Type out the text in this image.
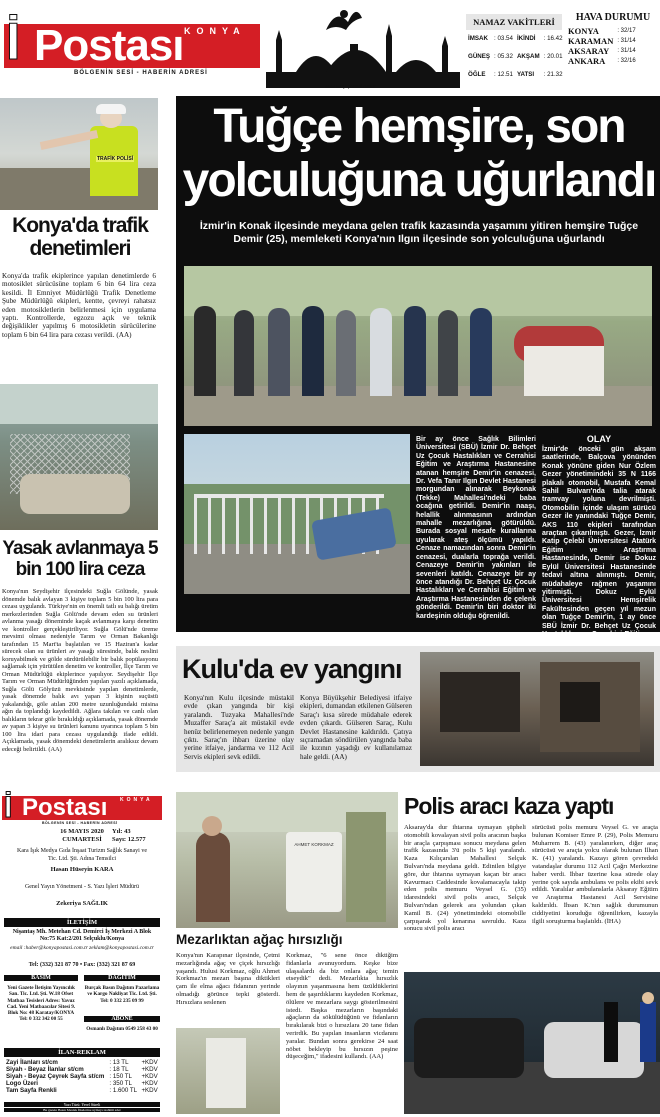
KONYA
İ Postası
BÖLGENİN SESİ - HABERİN ADRESİ
www.konyapostasi.com.tr
NAMAZ VAKİTLERİ
İMSAK	: 03.54	İKİNDİ	: 16.42
GÜNEŞ	: 05.32	AKŞAM	: 20.01
ÖĞLE	: 12.51	YATSI	: 21.32
HAVA DURUMU
KONYA	: 32/17
KARAMAN	: 31/14
AKSARAY	: 31/14
ANKARA	: 32/16
TRAFİK POLİSİ
Konya'da trafik denetimleri
Konya'da trafik ekiplerince yapılan denetimlerde 6 motosiklet sürücüsüne toplam 6 bin 64 lira ceza kesildi. İl Emniyet Müdürlüğü Trafik Denetleme Şube Müdürlüğü ekipleri, kentte, çevreyi rahatsız eden motosikletlerin belirlenmesi için uygulama yaptı. Kontrollerde, egzozu açık ve teknik değişiklikler yapılmış 6 motosikletin sürücülerine toplam 6 bin 64 lira para cezası verildi. (AA)
Yasak avlanmaya 5 bin 100 lira ceza
Konya'nın Seydişehir ilçesindeki Suğla Gölünde, yasak dönemde balık avlayan 3 kişiye toplam 5 bin 100 lira para cezası uygulandı. Türkiye'nin en önemli tatlı su balığı üretim merkezlerinden Suğla Gölü'nde devam eden su ürünleri avlanma yasağı döneminde kaçak avlanmaya karşı denetim ve kontroller gerçekleştiriliyor. Suğla Gölü'nde üreme mevsimi olması nedeniyle Tarım ve Orman Bakanlığı tarafından 15 Mart'ta başlatılan ve 15 Haziran'a kadar sürecek olan su ürünleri av yasağı süresinde, balık neslini koruyabilmek ve gölde sürdürülebilir bir balık popülasyonu sağlamak için yürütülen denetim ve kontroller, İlçe Tarım ve Orman Müdürlüğü ekiplerince yapılıyor. Seydişehir İlçe Tarım ve Orman Müdürlüğünden yapılan yazılı açıklamada, Suğla Gölü Gölyüzü mevkisinde yapılan denetimlerde, yasak dönemde balık avı yapan 3 kişinin suçüstü yakalandığı, göle atılan 200 metre uzunluğundaki misina ağın da toplandığı kaydedildi. Ağlara takılan ve canlı olan balıkların tekrar göle bırakıldığı açıklamada, yasak dönemde av yapan 3 kişiye su ürünleri kanunu uyarınca toplam 5 bin 100 lira idari para cezası uygulandığı ifade edildi. Açıklamada, yasak dönemdeki denetimlerin aralıksız devam edeceği belirtildi. (AA)
Tuğçe hemşire, son yolculuğuna uğurlandı
İzmir'in Konak ilçesinde meydana gelen trafik kazasında yaşamını yitiren hemşire Tuğçe Demir (25), memleketi Konya'nın Ilgın ilçesinde son yolculuğuna uğurlandı
Bir ay önce Sağlık Bilimleri Üniversitesi (SBÜ) İzmir Dr. Behçet Uz Çocuk Hastalıkları ve Cerrahisi Eğitim ve Araştırma Hastanesine atanan hemşire Demir'in cenazesi, Dr. Vefa Tanır Ilgın Devlet Hastanesi morgundan alınarak Beykonak (Tekke) Mahallesi'ndeki baba ocağına getirildi. Demir'in naaşı, helallik alınmasının ardından mahalle mezarlığına götürüldü. Burada sosyal mesafe kurallarına uyularak ateş ölçümü yapıldı. Cenaze namazından sonra Demir'in cenazesi, dualarla toprağa verildi. Cenazeye Demir'in yakınları ile sevenleri katıldı. Cenazeye bir ay önce atandığı Dr. Behçet Uz Çocuk Hastalıkları ve Cerrahisi Eğitim ve Araştırma Hastanesinden de çelenk gönderildi. Demir'in biri doktor iki kardeşinin olduğu öğrenildi.
OLAY
İzmir'de önceki gün akşam saatlerinde, Balçova yönünden Konak yönüne giden Nur Özlem Gezer yönetimindeki 35 N 1166 plakalı otomobil, Mustafa Kemal Sahil Bulvarı'nda talia atarak tramvay yoluna devrilmişti. Otomobilin içinde ulaşım sürücü Gezer ile yanındaki Tuğçe Demir, AKS 110 ekipleri tarafından araçtan çıkarılmıştı. Gezer, İzmir Katip Çelebi Üniversitesi Atatürk Eğitim ve Araştırma Hastanesinde, Demir ise Dokuz Eylül Üniversitesi Hastanesinde tedavi altına alınmıştı. Demir, müdahaleye rağmen yaşamını yitirmişti. Dokuz Eylül Üniversitesi Hemşirelik Fakültesinden geçen yıl mezun olan Tuğçe Demir'in, 1 ay önce SBÜ İzmir Dr. Behçet Uz Çocuk Hastalıkları ve Cerrahisi Eğitim ve Araştırma Hastanesine atanmıştı.
Kulu'da ev yangını
Konya'nın Kulu ilçesinde müstakil evde çıkan yangında bir kişi yaralandı. Tuzyaka Mahallesi'nde Muzaffer Saraç'a ait müstakil evde henüz belirlenemeyen nedenle yangın çıktı. Saraç'ın ihbarı üzerine olay yerine itfaiye, jandarma ve 112 Acil Servis ekipleri sevk edildi.
Konya Büyükşehir Belediyesi itfaiye ekipleri, dumandan etkilenen Gülseren Saraç'ı kısa sürede müdahale ederek evden çıkardı. Gülseren Saraç, Kulu Devlet Hastanesine kaldırıldı. Çatıya sıçramadan söndürülen yangında baba ile kızının yaşadığı ev kullanılamaz hale geldi. (AA)
İ Postası	KONYA
BÖLGENİN SESİ - HABERİN ADRESİ
16 MAYIS 2020 CUMARTESİ
Yıl: 43
Sayı: 12.577
Kara İşık Medya Gıda İnşaat Turizm Sağlık Sanayi ve Tic. Ltd. Şti. Adına Temsilci
Hasan Hüseyin KARA
Genel Yayın Yönetmeni - S. Yazı İşleri Müdürü
Zekeriya SAĞLIK
İLETİŞİM
Nişantaş Mh. Metehan Cd. Demirci İş Merkezi A Blok No:75 Kat:2/201 Selçuklu/Konya
email :haber@konyapostasi.com.tr zeklam@konyapostasi.com.tr
Tel: (332) 321 87 70 • Fax: (332) 321 87 69
BASIM
Yeni Gazete İletişim Yayıncılık San. Tic. Ltd. Şti. W.18 Ofset Matbaa Tesisleri Adres: Yavuz Cad. Yeni Matbaacılar Sitesi 9. Blok No: 48 Karatay/KONYA Tel: 0 332 342 00 55
DAĞITIM
Burçak Basın Dağıtım Pazarlama ve Kargo Nakliyat Tic. Ltd. Şti. Tel: 0 332 235 09 99
ABONE
Osmanlı Dağıtım 0549 258 43 00
İLAN-REKLAM
Zayi İlanları st/cm	: 13 TL	+KDV
Siyah - Beyaz İlanlar st/cm	: 18 TL	+KDV
Siyah - Beyaz Çeyrek Sayfa st/cm	: 150 TL	+KDV
Logo Üzeri	: 350 TL	+KDV
Tam Sayfa Renkli	: 1.600 TL	+KDV
Yazı Türü: Yerel Süreli
Bu gazete Basın Meslek İlkelerine uymayı taahhüt eder
AHMET KORKMAZ
Mezarlıktan ağaç hırsızlığı
Konya'nın Karapınar ilçesinde, Çetmi mezarlığında ağaç ve çiçek hırsızlığı yaşandı. Hulusi Korkmaz, oğlu Ahmet Korkmaz'ın mezarı başına diktikleri çam ile elma ağacı fidanının yerinde olmadığı görünce tepki gösterdi. Hırsızlara seslenen
Korkmaz, "6 sene önce diktiğim fidanlarla avunuyordum. Keşke bize ulaşsalardı da biz onlara ağaç temin etseydik" dedi. Mezarlıkta hırsızlık olayının yaşanmasına hem üzüldüklerini hem de şaşırdıklarını kaydeden Korkmaz, ölülere ve mezarlara saygı gösterilmesini istedi. Başka mezarların başındaki ağaçların da sökülüdüğünü ve fidanların bırakılarak bizi o hırsızlara 20 tane fidan verirdik. Bu yapılan insanların vicdanını yaralar. Bundan sonra gerekirse 24 saat nöbet bekleyip bu hırsızın peşine düşeceğim," ifadesini kullandı. (AA)
Polis aracı kaza yaptı
Aksaray'da dur ihtarına uymayan şüpheli otomobili kovalayan sivil polis aracının başka bir araçla çarpışması sonucu meydana gelen trafik kazasında 3'ü polis 5 kişi yaralandı. Kaza Kılıçarslan Mahallesi Selçuk Bulvarı'nda meydana geldi. Edinilen bilgiye göre, dur ihtarına uymayan kaçan bir aracı Kavurmacı Caddesinde kovalamacayla takip eden polis memuru Veysel G. (35) idaresindeki sivil polis aracı, Selçuk Bulvarı'ndan gelerek ara yolundan çıkan Kamil B. (24) yönetimindeki otomobille çarpışarak yol kenarına savruldu. Kaza sonucu sivil polis aracı
sürücüsü polis memuru Veysel G. ve araçta bulunan Komiser Emre P. (29), Polis Memuru Muharrem B. (43) yaralanırken, diğer araç sürücüsü ve araçta yolcu olarak bulunan İlhan K. (41) yaralandı. Kazayı gören çevredeki vatandaşlar durumu 112 Acil Çağrı Merkezine haber verdi. İhbar üzerine kısa sürede olay yerine çok sayıda ambulans ve polis ekibi sevk edildi. Yaralılar ambulanslarla Aksaray Eğitim ve Araştırma Hastanesi Acil Servisine kaldırıldı. İhsan K.'nın sağlık durumunun ciddiyetini koruduğu öğrenilirken, kazayla ilgili soruşturma başlatıldı. (İHA)
